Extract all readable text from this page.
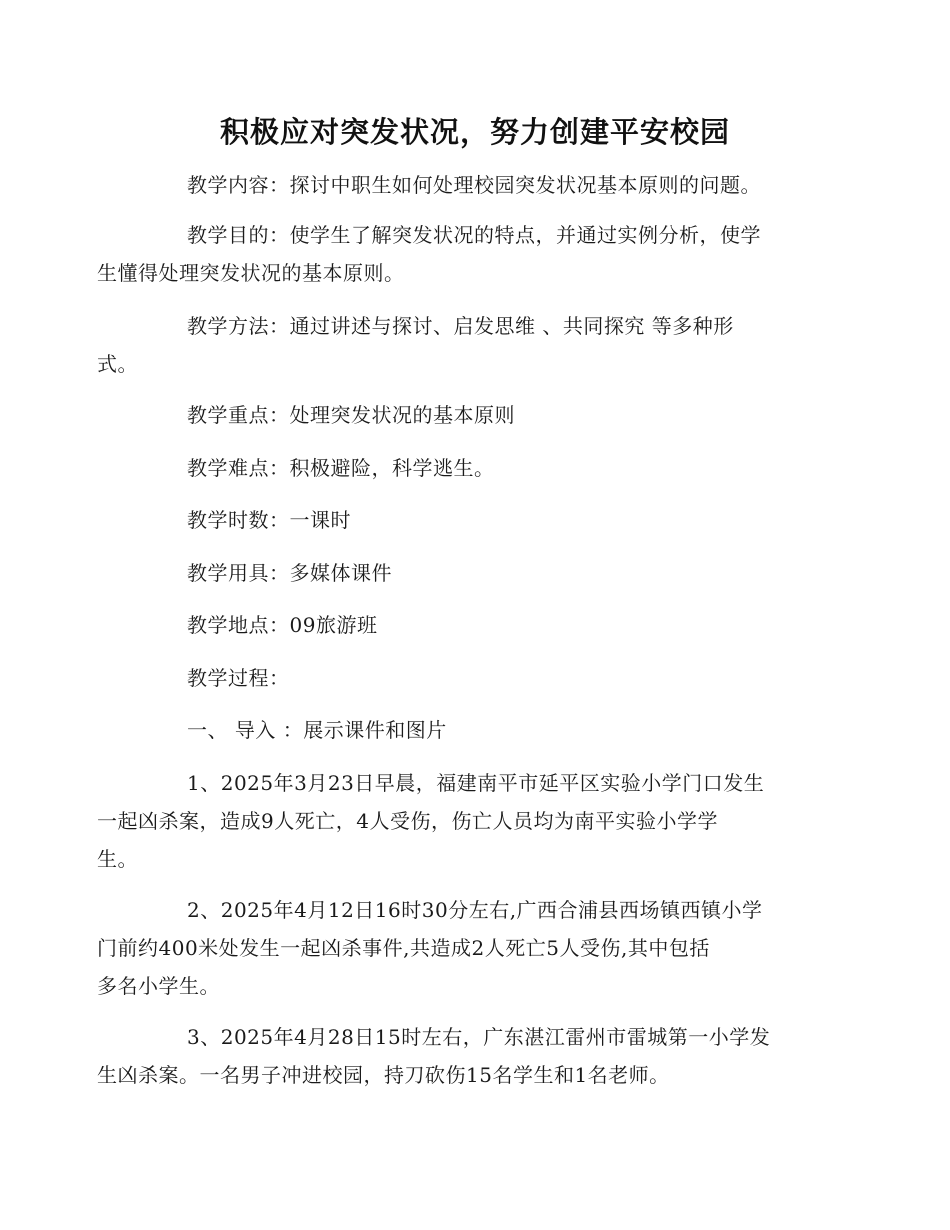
积极应对突发状况，努力创建平安校园

教学内容：探讨中职生如何处理校园突发状况基本原则的问题。

教学目的：使学生了解突发状况的特点，并通过实例分析，使学
生懂得处理突发状况的基本原则。

教学方法：通过讲述与探讨、启发思维 、共同探究 等多种形
式。

教学重点：处理突发状况的基本原则

教学难点：积极避险，科学逃生。

教学时数：一课时

教学用具：多媒体课件

教学地点：09旅游班

教学过程：

一、 导入 ：展示课件和图片

1、2025年3月23日早晨，福建南平市延平区实验小学门口发生
一起凶杀案，造成9人死亡，4人受伤，伤亡人员均为南平实验小学学
生。

2、2025年4月12日16时30分左右,广西合浦县西场镇西镇小学
门前约400米处发生一起凶杀事件,共造成2人死亡5人受伤,其中包括
多名小学生。

3、2025年4月28日15时左右，广东湛江雷州市雷城第一小学发
生凶杀案。一名男子冲进校园，持刀砍伤15名学生和1名老师。
